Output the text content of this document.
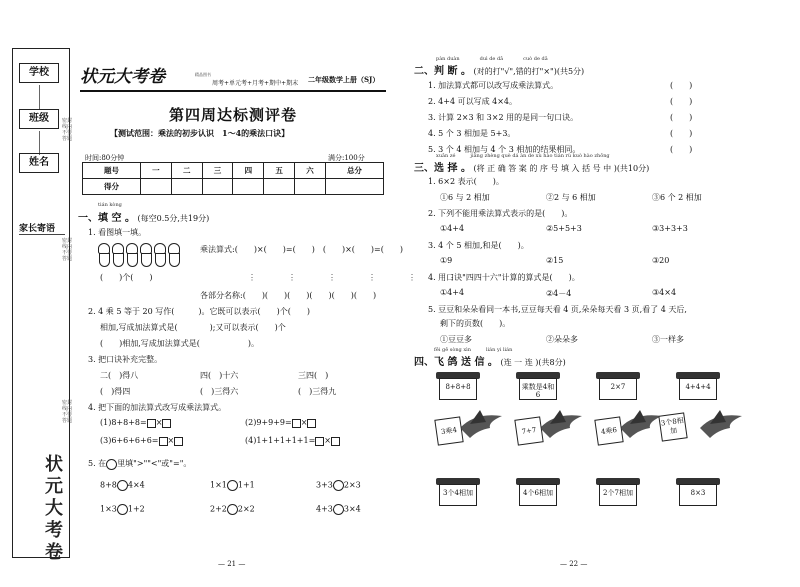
学校
班级
姓名
家长寄语
状
元
大
考
卷
密封线内不要答题
密封线内不要答题
密封线内不要答题
状元大考卷	精品图书
周考+单元考+月考+期中+期末 二年级数学上册（SJ）
第四周达标测评卷
【测试范围：乘法的初步认识　1～4的乘法口诀】
时间:80分钟	满分:100分
题号	一	二	三	四	五	六	总分
得分							
tián kòng
一、填 空 。 (每空0.5分,共19分)
1. 看图填一填。
(　　)个(　　)
乘法算式:(　　)×(　　)=(　　)　(　　)×(　　)=(　　)
⋮　　　　⋮　　　　⋮　　　　⋮　　　　⋮　　　　⋮
各部分名称:(　　)(　　)(　　)(　　)(　　)(　　)
2. 4 乘 5 等于 20 写作(　　　)。它既可以表示(　　)个(　　)
相加,写成加法算式是(　　　　);又可以表示(　　)个
(　　)相加,写成加法算式是(　　　　　　)。
3. 把口诀补充完整。
二(　)得八	四(　)十六	三四(　)
(　)得四	(　)三得六	(　)三得九
4. 把下面的加法算式改写成乘法算式。
(1)8+8+8= ×	(2)9+9+9= ×
(3)6+6+6+6= ×	(4)1+1+1+1+1= ×
5. 在 里填">""<"或"="。
8+8 4×4	1×1 1+1	3+3 2×3
1×3 1+2	2+2 2×2	4+3 3×4
— 21 —
pàn duàn　　　　duì de dǎ　　　　cuò de dǎ
二、判 断 。 (对的打"√",错的打"×")(共5分)
1. 加法算式都可以改写成乘法算式。
2. 4+4 可以写成 4×4。
3. 计算 2×3 和 3×2 用的是同一句口诀。
4. 5 个 3 相加是 5+3。
5. 3 个 4 相加与 4 个 3 相加的结果相同。
(　　)
(　　)
(　　)
(　　)
(　　)
xuǎn zé　　　jiāng zhèng què dá àn de xù hào tián rù kuò hào zhōng
三、选 择 。 (将 正 确 答 案 的 序 号 填 入 括 号 中 )(共10分)
1. 6×2 表示(　　)。
①6 与 2 相加	②2 与 6 相加	③6 个 2 相加
2. 下列不能用乘法算式表示的是(　　)。
①4+4	②5+5+3	③3+3+3
3. 4 个 5 相加,和是(　　)。
①9	②15	③20
4. 用口诀"四四十六"计算的算式是(　　)。
①4+4	②4－4	③4×4
5. 豆豆和朵朵看同一本书,豆豆每天看 4 页,朵朵每天看 3 页,看了 4 天后,
剩下的页数(　　)。
①豆豆多	②朵朵多	③一样多
fēi gē sòng xìn　　　lián yi lián
四、飞 鸽 送 信 。 (连 一 连 )(共8分)
8+8+8	乘数是4和6
2×7	4+4+4
3乘4	7+7	4乘6
3个8相加
3个4相加	4个6相加	2个7相加	8×3
— 22 —
